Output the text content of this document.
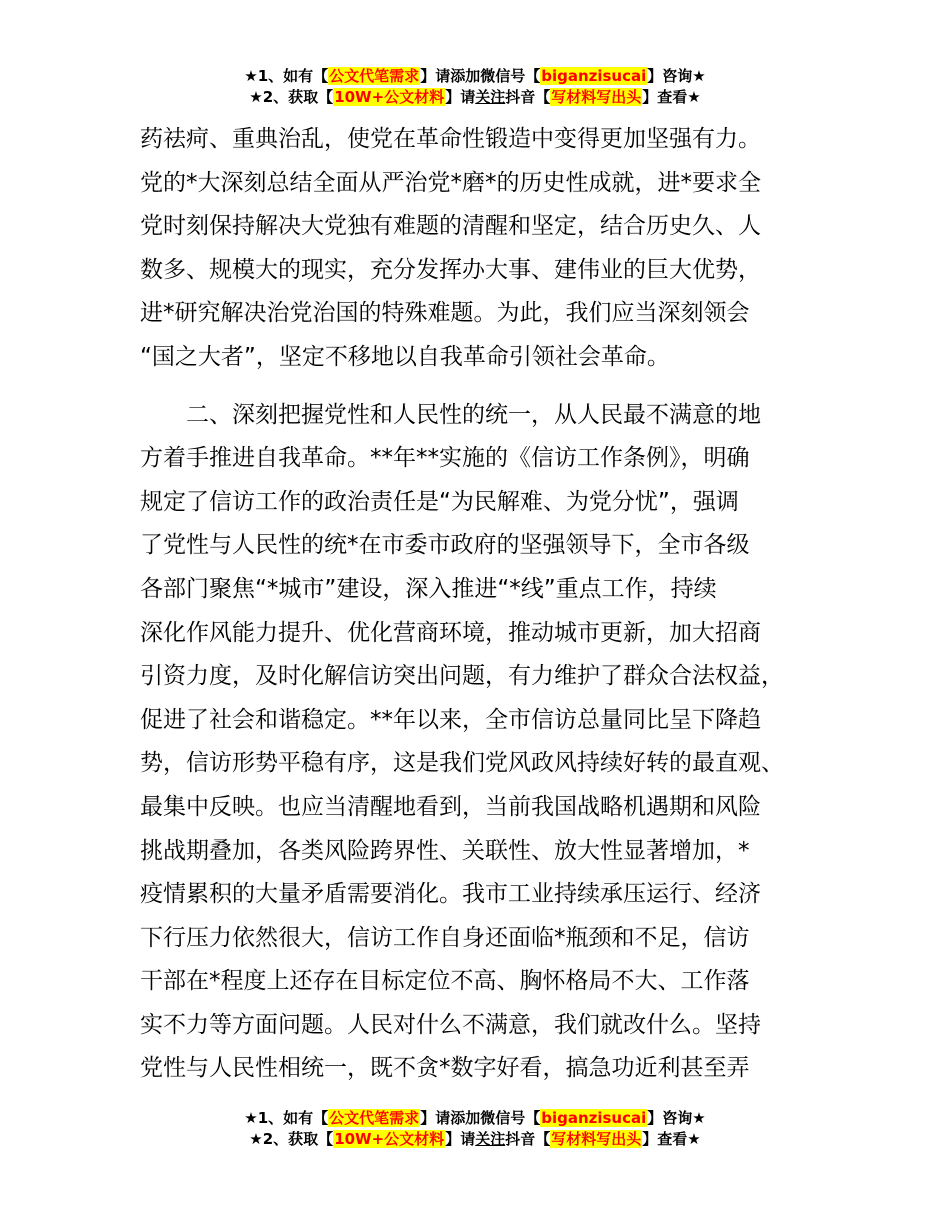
★1、如有【公文代笔需求】请添加微信号【biganzisucai】咨询★
★2、获取【10W+公文材料】请关注抖音【写材料写出头】查看★
药祛疴、重典治乱，使党在革命性锻造中变得更加坚强有力。
党的*大深刻总结全面从严治党*磨*的历史性成就，进*要求全
党时刻保持解决大党独有难题的清醒和坚定，结合历史久、人
数多、规模大的现实，充分发挥办大事、建伟业的巨大优势，
进*研究解决治党治国的特殊难题。为此，我们应当深刻领会
“国之大者”，坚定不移地以自我革命引领社会革命。
　　二、深刻把握党性和人民性的统一，从人民最不满意的地
方着手推进自我革命。**年**实施的《信访工作条例》，明确
规定了信访工作的政治责任是“为民解难、为党分忧”，强调
了党性与人民性的统*在市委市政府的坚强领导下，全市各级
各部门聚焦“*城市”建设，深入推进“*线”重点工作，持续
深化作风能力提升、优化营商环境，推动城市更新，加大招商
引资力度，及时化解信访突出问题，有力维护了群众合法权益，
促进了社会和谐稳定。**年以来，全市信访总量同比呈下降趋
势，信访形势平稳有序，这是我们党风政风持续好转的最直观、
最集中反映。也应当清醒地看到，当前我国战略机遇期和风险
挑战期叠加，各类风险跨界性、关联性、放大性显著增加，*
疫情累积的大量矛盾需要消化。我市工业持续承压运行、经济
下行压力依然很大，信访工作自身还面临*瓶颈和不足，信访
干部在*程度上还存在目标定位不高、胸怀格局不大、工作落
实不力等方面问题。人民对什么不满意，我们就改什么。坚持
党性与人民性相统一，既不贪*数字好看，搞急功近利甚至弄
★1、如有【公文代笔需求】请添加微信号【biganzisucai】咨询★
★2、获取【10W+公文材料】请关注抖音【写材料写出头】查看★
